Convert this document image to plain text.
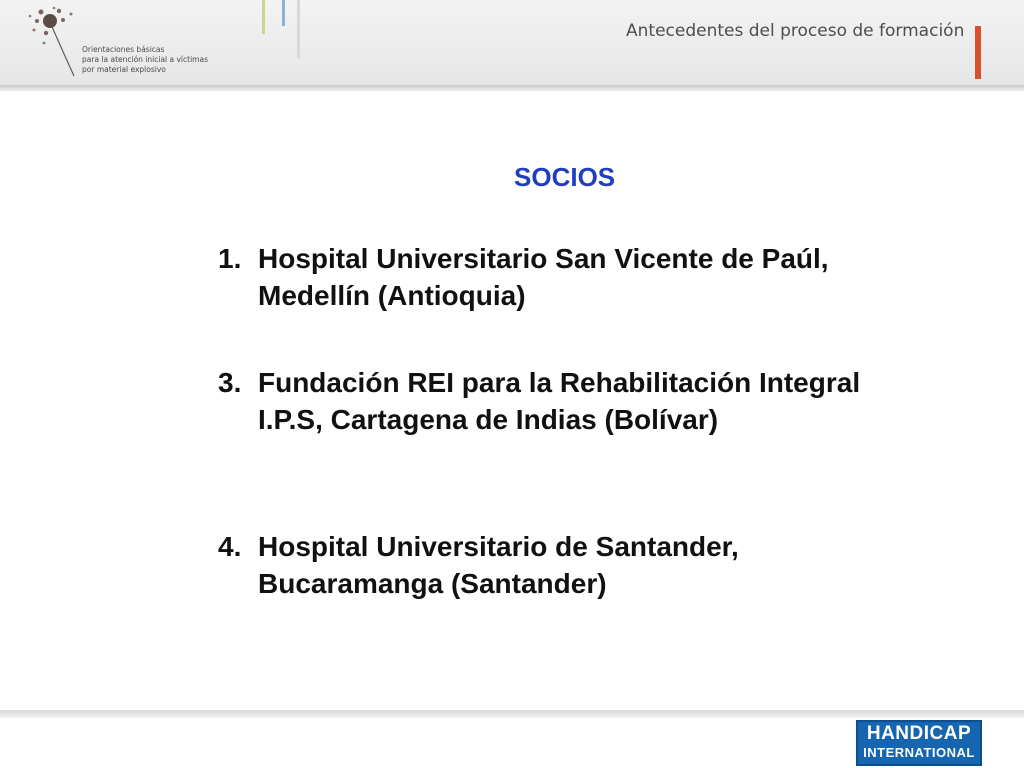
Orientaciones básicas
para la atención inicial a víctimas
por material explosivo
Antecedentes del proceso de formación
SOCIOS
1. Hospital Universitario San Vicente de Paúl, Medellín (Antioquia)
3. Fundación REI para la Rehabilitación Integral I.P.S, Cartagena de Indias (Bolívar)
4. Hospital Universitario de Santander, Bucaramanga (Santander)
HANDICAP
INTERNATIONAL
